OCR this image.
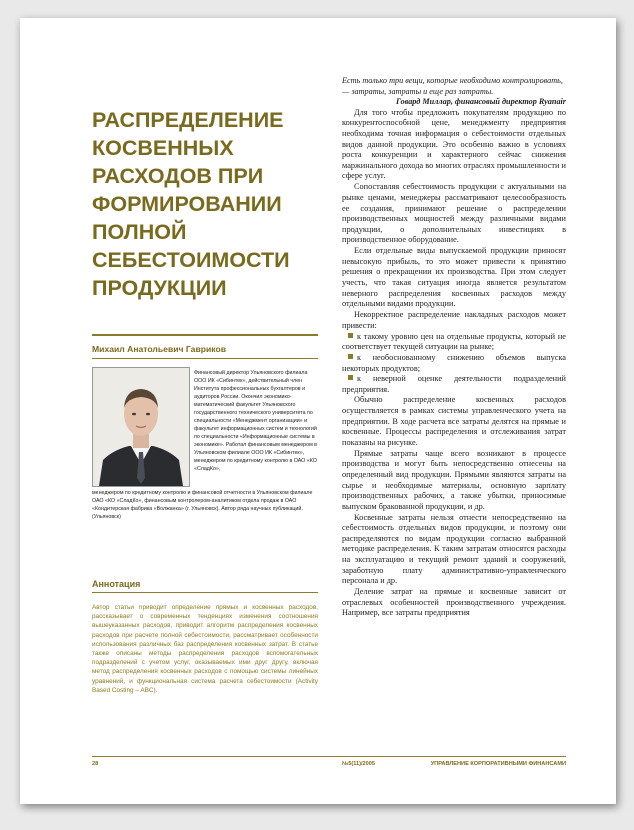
РАСПРЕДЕЛЕНИЕ
КОСВЕННЫХ
РАСХОДОВ ПРИ
ФОРМИРОВАНИИ
ПОЛНОЙ
СЕБЕСТОИМОСТИ
ПРОДУКЦИИ
Михаил Анатольевич Гавриков
Финансовый директор Ульяновского филиала ООО ИК «Сибинтек», действительный член Института профессиональных бухгалтеров и аудиторов России. Окончил экономико-математический факультет Ульяновского государственного технического университета по специальности «Менеджмент организации» и факультет информационных систем и технологий по специальности «Информационные системы в экономике». Работал финансовым менеджером в Ульяновском филиале ООО ИК «Сибинтек», менеджером по кредитному контролю в ОАО «КО «СладКо»,
менеджером по кредитному контролю и финансовой отчетности в Ульяновском филиале ОАО «КО «СладКо», финансовым контролером-аналитиком отдела продаж в ОАО «Кондитерская фабрика «Волжанка» (г. Ульяновск). Автор ряда научных публикаций.
(Ульяновск)
Аннотация
Автор статьи приводит определение прямых и косвенных расходов, рассказывает о современных тенденциях изменения соотношения вышеуказанных расходов, приводит алгоритм распределения косвенных расходов при расчете полной себестоимости, рассматривает особенности использования различных баз распределения косвенных затрат. В статье также описаны методы распределения расходов вспомогательных подразделений с учетом услуг, оказываемых ими друг другу, включая метод распределения косвенных расходов с помощью системы линейных уравнений, и функциональная система расчета себестоимости (Activity Based Costing – ABC).

Есть только три вещи, которые необходимо контролировать, — затраты, затраты и еще раз затраты.

Говард Миллар, финансовый директор Ryanair

Для того чтобы предложить покупателям продукцию по конкурентоспособной цене, менеджменту предприятия необходима точная информация о себестоимости отдельных видов данной продукции. Это особенно важно в условиях роста конкуренции и характерного сейчас снижения маржинального дохода во многих отраслях промышленности и сфере услуг.

Сопоставляя себестоимость продукции с актуальными на рынке ценами, менеджеры рассматривают целесообразность ее создания, принимают решение о распределении производственных мощностей между различными видами продукции, о дополнительных инвестициях в производственное оборудование.

Если отдельные виды выпускаемой продукции приносят невысокую прибыль, то это может привести к принятию решения о прекращении их производства. При этом следует учесть, что такая ситуация иногда является результатом неверного распределения косвенных расходов между отдельными видами продукции.

Некорректное распределение накладных расходов может привести:

к такому уровню цен на отдельные продукты, который не соответствует текущей ситуации на рынке;

к необоснованному снижению объемов выпуска некоторых продуктов;

к неверной оценке деятельности подразделений предприятия.

Обычно распределение косвенных расходов осуществляется в рамках системы управленческого учета на предприятии. В ходе расчета все затраты делятся на прямые и косвенные. Процессы распределения и отслеживания затрат показаны на рисунке.

Прямые затраты чаще всего возникают в процессе производства и могут быть непосредственно отнесены на определенный вид продукции. Прямыми являются затраты на сырье и необходимые материалы, основную зарплату производственных рабочих, а также убытки, приносимые выпуском бракованной продукции, и др.

Косвенные затраты нельзя отнести непосредственно на себестоимость отдельных видов продукции, и поэтому они распределяются по видам продукции согласно выбранной методике распределения. К таким затратам относятся расходы на эксплуатацию и текущий ремонт зданий и сооружений, заработную плату административно-управленческого персонала и др.

Деление затрат на прямые и косвенные зависит от отраслевых особенностей производственного учреждения. Например, все затраты предприятия

28	№5(11)/2005	УПРАВЛЕНИЕ КОРПОРАТИВНЫМИ ФИНАНСАМИ
